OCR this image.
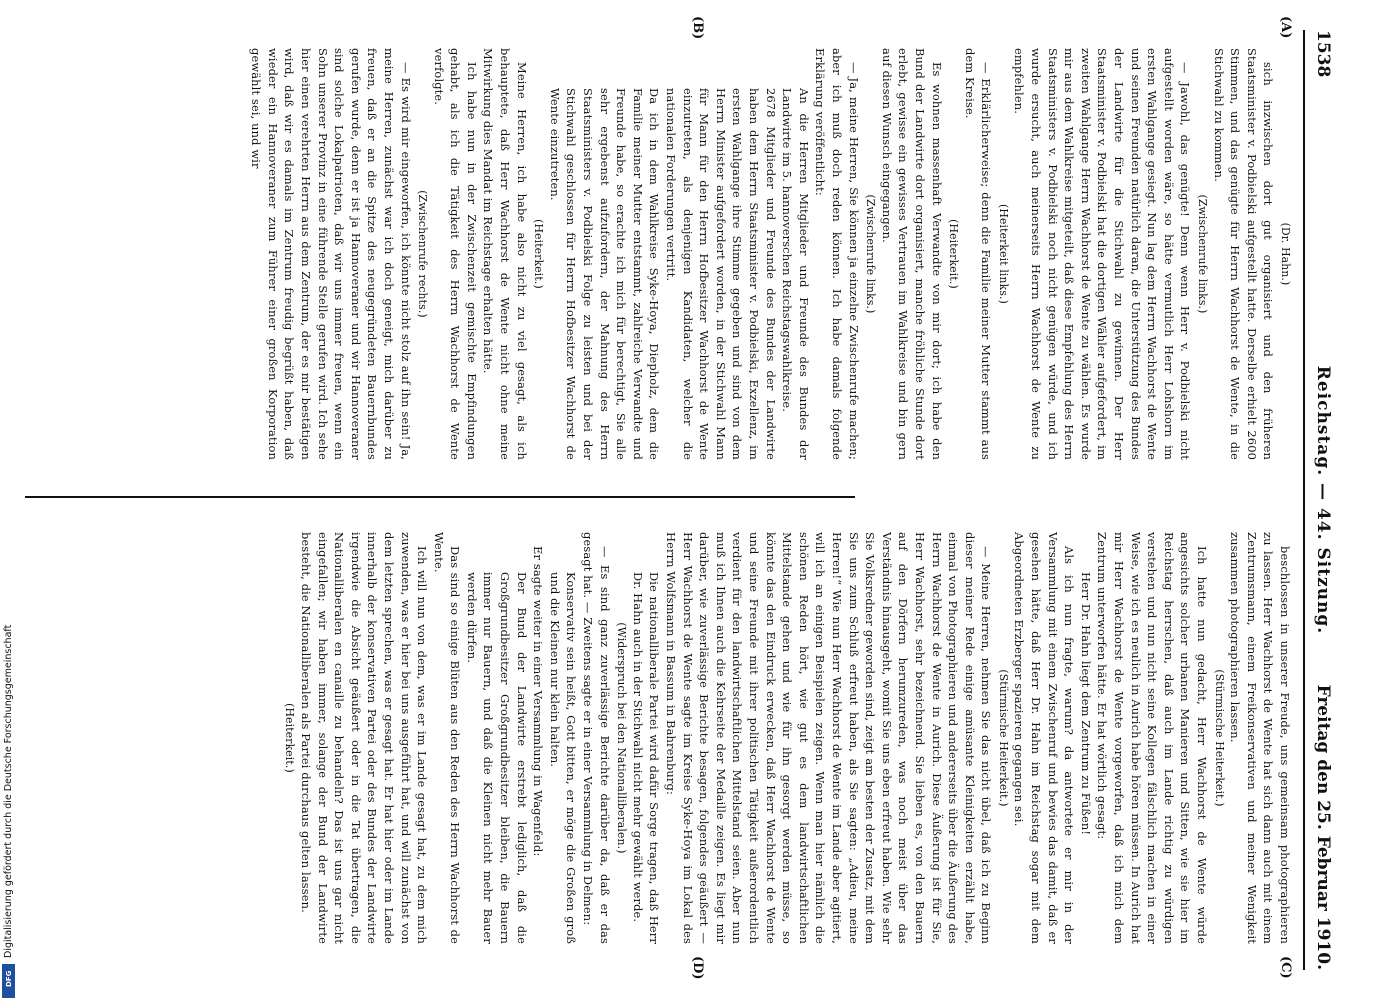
Digitalisierung gefördert durch die Deutsche Forschungsgemeinschaft
DFG
1538
Reichstag. — 44. Sitzung.
Freitag den 25. Februar 1910.
(A)
(B)
(C)
(D)

(Dr. Hahn.)

sich inzwischen dort gut organisiert und den früheren Staatsminister v. Podbielski aufgestellt hatte. Derselbe erhielt 2600 Stimmen, und das genügte für Herrn Wachhorst de Wente, in die Stichwahl zu kommen.

(Zwischenrufe links.)

— Jawohl, das genügte! Denn wenn Herr v. Podbielski nicht aufgestellt worden wäre, so hätte vermutlich Herr Lohshorn im ersten Wahlgange gesiegt. Nun lag dem Herrn Wachhorst de Wente und seinen Freunden natürlich daran, die Unterstützung des Bundes der Landwirte für die Stichwahl zu gewinnen. Der Herr Staatsminister v. Podbielski hat die dortigen Wähler aufgefordert, im zweiten Wahlgange Herrn Wachhorst de Wente zu wählen. Es wurde mir aus dem Wahlkreise mitgeteilt, daß diese Empfehlung des Herrn Staatsministers v. Podbielski noch nicht genügen würde, und ich wurde ersucht, auch meinerseits Herrn Wachhorst de Wente zu empfehlen.

(Heiterkeit links.)

— Erklärlicherweise; denn die Familie meiner Mutter stammt aus dem Kreise.

(Heiterkeit.)

Es wohnen massenhaft Verwandte von mir dort; ich habe den Bund der Landwirte dort organisiert, manche fröhliche Stunde dort erlebt, gewisse ein gewisses Vertrauen im Wahlkreise und bin gern auf diesen Wunsch eingegangen.

(Zwischenrufe links.)

— Ja, meine Herren, Sie können ja einzelne Zwischenrufe machen; aber ich muß doch reden können. Ich habe damals folgende Erklärung veröffentlicht:

An die Herren Mitglieder und Freunde des Bundes der Landwirte im 5. hannoverschen Reichstagswahlkreise.

2678 Mitglieder und Freunde des Bundes der Landwirte haben dem Herrn Staatsminister v. Podbielski, Exzellenz, im ersten Wahlgange ihre Stimme gegeben und sind von dem Herrn Minister aufgefordert worden, in der Stichwahl Mann für Mann für den Herrn Hofbesitzer Wachhorst de Wente einzutreten, als denjenigen Kandidaten, welcher die nationalen Forderungen vertritt.

Da ich in dem Wahlkreise Syke-Hoya, Diepholz, dem die Familie meiner Mutter entstammt, zahlreiche Verwandte und Freunde habe, so erachte ich mich für berechtigt, Sie alle sehr ergebenst aufzufordern, der Mahnung des Herrn Staatsministers v. Podbielski Folge zu leisten und bei der Stichwahl geschlossen für Herrn Hofbesitzer Wachhorst de Wente einzutreten.

(Heiterkeit.)

Meine Herren, ich habe also nicht zu viel gesagt, als ich behauptete, daß Herr Wachhorst de Wente nicht ohne meine Mitwirkung dies Mandat im Reichstage erhalten hätte.

Ich habe nun in der Zwischenzeit gemischte Empfindungen gehabt, als ich die Tätigkeit des Herrn Wachhorst de Wente verfolgte.

(Zwischenrufe rechts.)

— Es wird mir eingeworfen, ich könnte nicht stolz auf ihn sein! Ja, meine Herren, zunächst war ich doch geneigt, mich darüber zu freuen, daß er an die Spitze des neugegründeten Bauernbundes gerufen wurde, denn er ist ja Hannoveraner und wir Hannoveraner sind solche Lokalpatrioten, daß wir uns immer freuen, wenn ein Sohn unserer Provinz in eine führende Stelle gerufen wird. Ich sehe hier einen verehrten Herrn aus dem Zentrum, der es mir bestätigen wird, daß wir es damals im Zentrum freudig begrüßt haben, daß wieder ein Hannoveraner zum Führer einer großen Korporation gewählt sei, und wir

beschlossen in unserer Freude, uns gemeinsam photographieren zu lassen. Herr Wachhorst de Wente hat sich dann auch mit einem Zentrumsmann, einem Freikonservativen und meiner Wenigkeit zusammen photographieren lassen.

(Stürmische Heiterkeit.)

Ich hatte nun gedacht, Herr Wachhorst de Wente würde angesichts solcher urbanen Manieren und Sitten, wie sie hier im Reichstag herrschen, daß auch im Lande richtig zu würdigen verstehen und nun nicht seine Kollegen fälschlich machen in einer Weise, wie ich es neulich in Aurich habe hören müssen. In Aurich hat mir Herr Wachhorst de Wente vorgeworfen, daß ich mich dem Zentrum unterworfen hätte. Er hat wörtlich gesagt:

Herr Dr. Hahn liegt dem Zentrum zu Füßen!

Als ich nun fragte, warum? da antwortete er mir in der Versammlung mit einem Zwischenruf und bewies das damit, daß er gesehen hätte, daß Herr Dr. Hahn im Reichstag sogar mit dem Abgeordneten Erzberger spazieren gegangen sei.

(Stürmische Heiterkeit.)

— Meine Herren, nehmen Sie das nicht übel, daß ich zu Beginn dieser meiner Rede einige amüsante Kleinigkeiten erzählt habe, einmal von Photographieren und andererseits über die Äußerung des Herrn Wachhorst de Wente in Aurich. Diese Äußerung ist für Sie, Herr Wachhorst, sehr bezeichnend. Sie lieben es, von den Bauern auf den Dörfern herumzureden, was noch meist über das Verständnis hinausgeht, womit Sie uns eben erfreut haben. Wie sehr Sie Volksredner geworden sind, zeigt am besten der Zusatz, mit dem Sie uns zum Schluß erfreut haben, als Sie sagten: „Adieu, meine Herren!“ Wie nun Herr Wachhorst de Wente im Lande aber agitiert, will ich an einigen Beispielen zeigen. Wenn man hier nämlich die schönen Reden hört, wie gut es dem landwirtschaftlichen Mittelstande gehen und wie für ihn gesorgt werden müsse, so könnte das den Eindruck erwecken, daß Herr Wachhorst de Wente und seine Freunde mit ihrer politischen Tätigkeit außerordentlich verdient für den landwirtschaftlichen Mittelstand seien. Aber nun muß ich Ihnen auch die Kehrseite der Medaille zeigen. Es liegt mir darüber, wie zuverlässige Berichte besagen, folgendes geäußert — Herr Wachhorst de Wente sagte im Kreise Syke-Hoya im Lokal des Herrn Wolfsmann in Bassum in Bahrenburg:

Die nationalliberale Partei wird dafür Sorge tragen, daß Herr Dr. Hahn auch in der Stichwahl nicht mehr gewählt werde.

(Widerspruch bei den Nationalliberalen.)

— Es sind ganz zuverlässige Berichte darüber da, daß er das gesagt hat. — Zweitens sagte er in einer Versammlung in Delmen:

Konservativ sein heißt, Gott bitten, er möge die Großen groß und die Kleinen nur klein halten.

Er sagte weiter in einer Versammlung in Wagenfeld:

Der Bund der Landwirte erstrebt lediglich, daß die Großgrundbesitzer Großgrundbesitzer bleiben, die Bauern immer nur Bauern, und daß die Kleinen nicht mehr Bauer werden dürfen.

Das sind so einige Blüten aus den Reden des Herrn Wachhorst de Wente.

Ich will nun von dem, was er im Lande gesagt hat, zu dem mich zuwenden, was er hier bei uns ausgeführt hat, und will zunächst von dem letzten sprechen, was er gesagt hat. Er hat hier oder im Lande innerhalb der konservativen Partei oder des Bundes der Landwirte irgendwie die Absicht geäußert oder in die Tat übertragen, die Nationalliberalen en canaille zu behandeln? Das ist uns gar nicht eingefallen; wir haben immer, solange der Bund der Landwirte besteht, die Nationalliberalen als Partei durchaus gelten lassen.

(Heiterkeit.)
